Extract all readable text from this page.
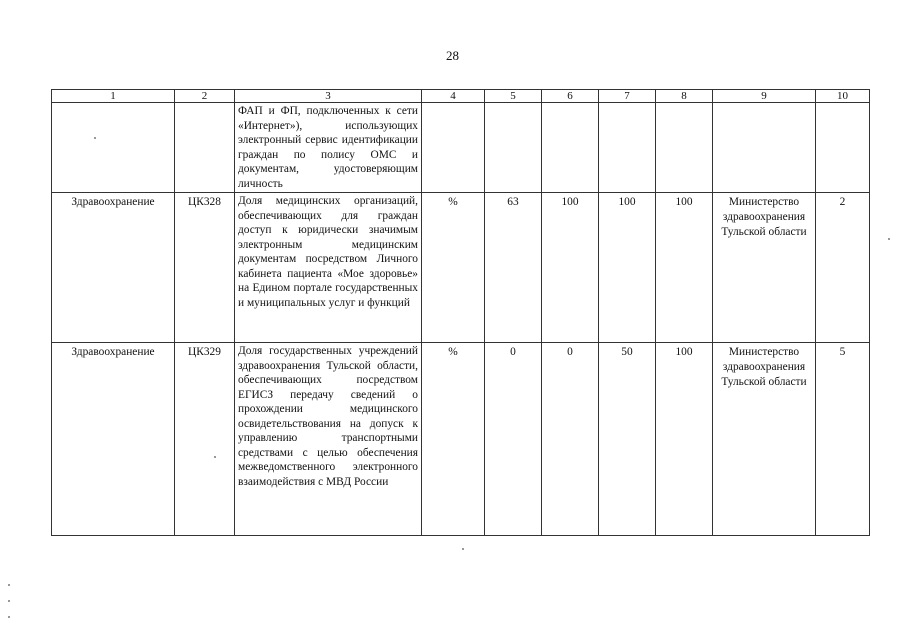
28
1	2	3	4	5	6	7	8	9	10
		ФАП и ФП, подключенных к сети «Интернет»), использующих электронный сервис идентификации граждан по полису ОМС и документам, удостоверяющим личность							
Здравоохранение	ЦК328	Доля медицинских организаций, обеспечивающих для граждан доступ к юридически значимым электронным медицинским документам посредством Личного кабинета пациента «Мое здоровье» на Едином портале государственных и муниципальных услуг и функций	%	63	100	100	100	Министерство здравоохранения Тульской области	2
Здравоохранение	ЦК329	Доля государственных учреждений здравоохранения Тульской области, обеспечивающих посредством ЕГИСЗ передачу сведений о прохождении медицинского освидетельствования на допуск к управлению транспортными средствами с целью обеспечения межведомственного электронного взаимодействия с МВД России	%	0	0	50	100	Министерство здравоохранения Тульской области	5
